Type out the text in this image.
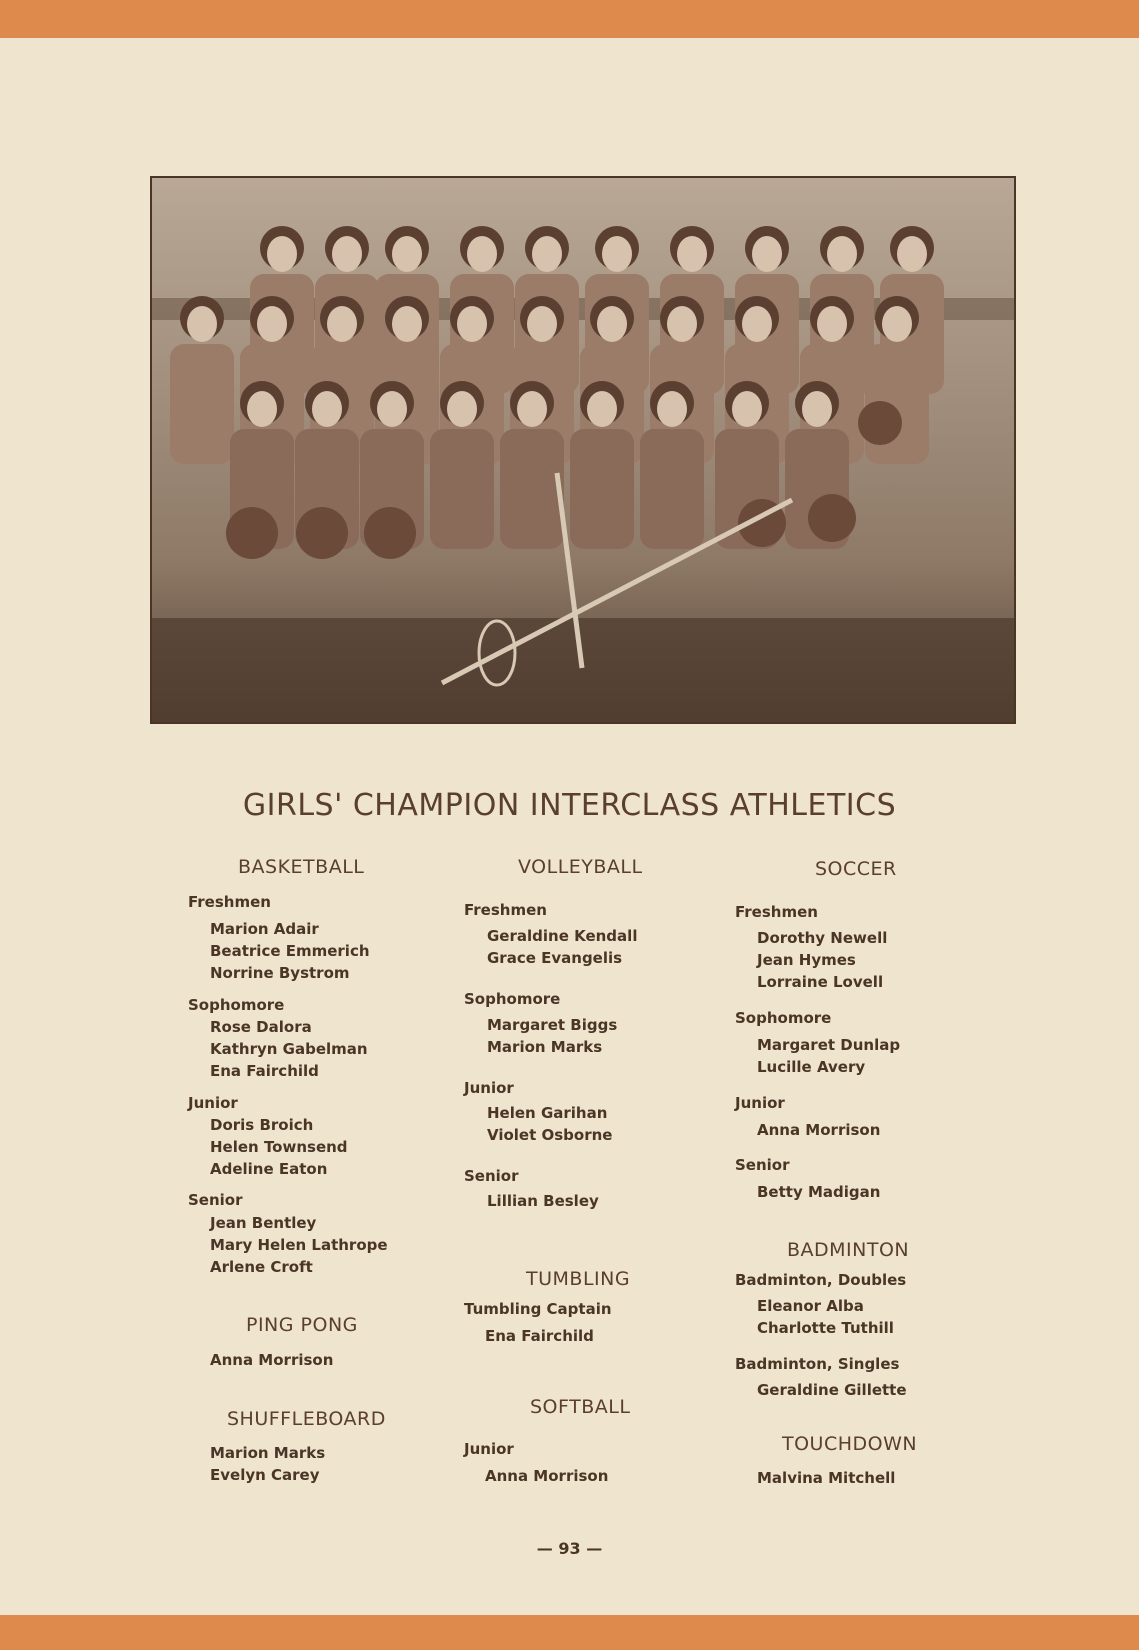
GIRLS' CHAMPION INTERCLASS ATHLETICS
BASKETBALL
Freshmen
Marion Adair
Beatrice Emmerich
Norrine Bystrom
Sophomore
Rose Dalora
Kathryn Gabelman
Ena Fairchild
Junior
Doris Broich
Helen Townsend
Adeline Eaton
Senior
Jean Bentley
Mary Helen Lathrope
Arlene Croft
PING PONG
Anna Morrison
SHUFFLEBOARD
Marion Marks
Evelyn Carey
VOLLEYBALL
Freshmen
Geraldine Kendall
Grace Evangelis
Sophomore
Margaret Biggs
Marion Marks
Junior
Helen Garihan
Violet Osborne
Senior
Lillian Besley
TUMBLING
Tumbling Captain
Ena Fairchild
SOFTBALL
Junior
Anna Morrison
SOCCER
Freshmen
Dorothy Newell
Jean Hymes
Lorraine Lovell
Sophomore
Margaret Dunlap
Lucille Avery
Junior
Anna Morrison
Senior
Betty Madigan
BADMINTON
Badminton, Doubles
Eleanor Alba
Charlotte Tuthill
Badminton, Singles
Geraldine Gillette
TOUCHDOWN
Malvina Mitchell
— 93 —
